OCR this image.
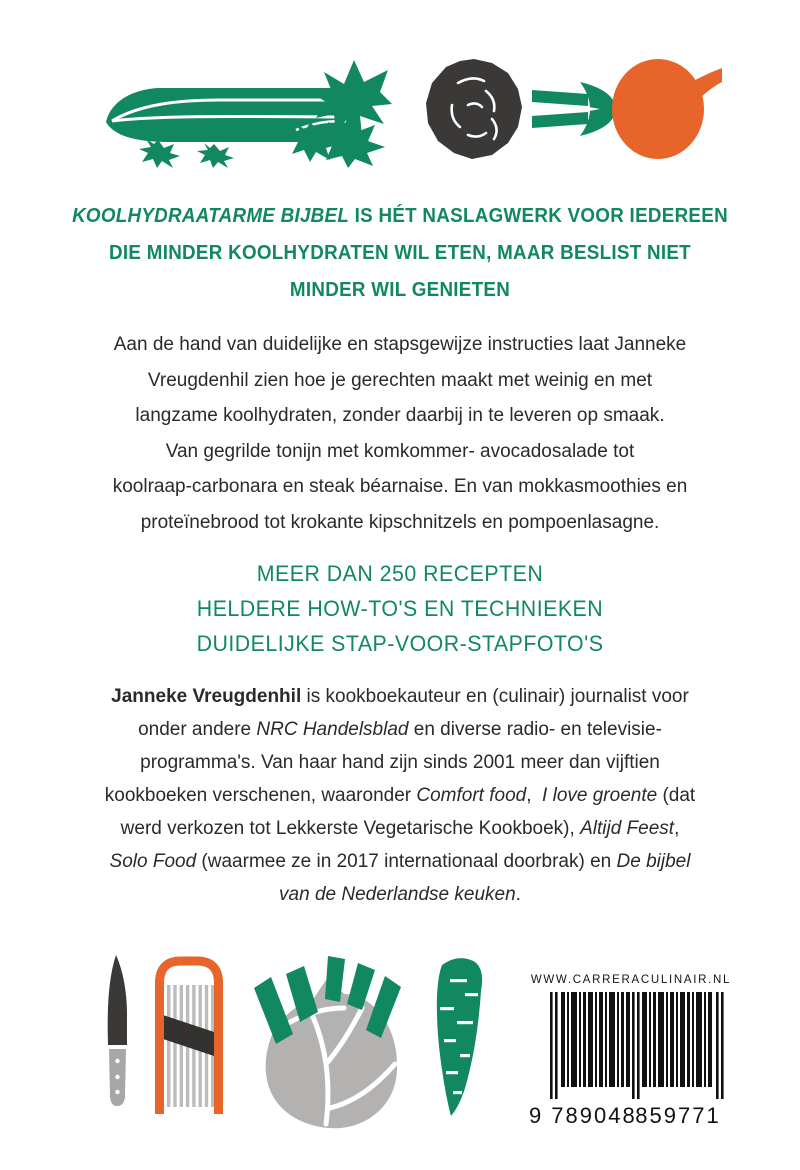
KOOLHYDRAATARME BIJBEL IS HÉT NASLAGWERK VOOR IEDEREEN
DIE MINDER KOOLHYDRATEN WIL ETEN, MAAR BESLIST NIET
MINDER WIL GENIETEN
Aan de hand van duidelijke en stapsgewijze instructies laat Janneke
Vreugdenhil zien hoe je gerechten maakt met weinig en met
langzame koolhydraten, zonder daarbij in te leveren op smaak.
Van gegrilde tonijn met komkommer- avocadosalade tot
koolraap-carbonara en steak béarnaise. En van mokkasmoothies en
proteïnebrood tot krokante kipschnitzels en pompoenlasagne.
MEER DAN 250 RECEPTEN
HELDERE HOW-TO'S EN TECHNIEKEN
DUIDELIJKE STAP-VOOR-STAPFOTO'S
Janneke Vreugdenhil is kookboekauteur en (culinair) journalist voor
onder andere NRC Handelsblad en diverse radio- en televisie-
programma's. Van haar hand zijn sinds 2001 meer dan vijftien
kookboeken verschenen, waaronder Comfort food,  I love groente (dat
werd verkozen tot Lekkerste Vegetarische Kookboek), Altijd Feest,
Solo Food (waarmee ze in 2017 internationaal doorbrak) en De bijbel
van de Nederlandse keuken.
WWW.CARRERACULINAIR.NL
9 789048
859771
